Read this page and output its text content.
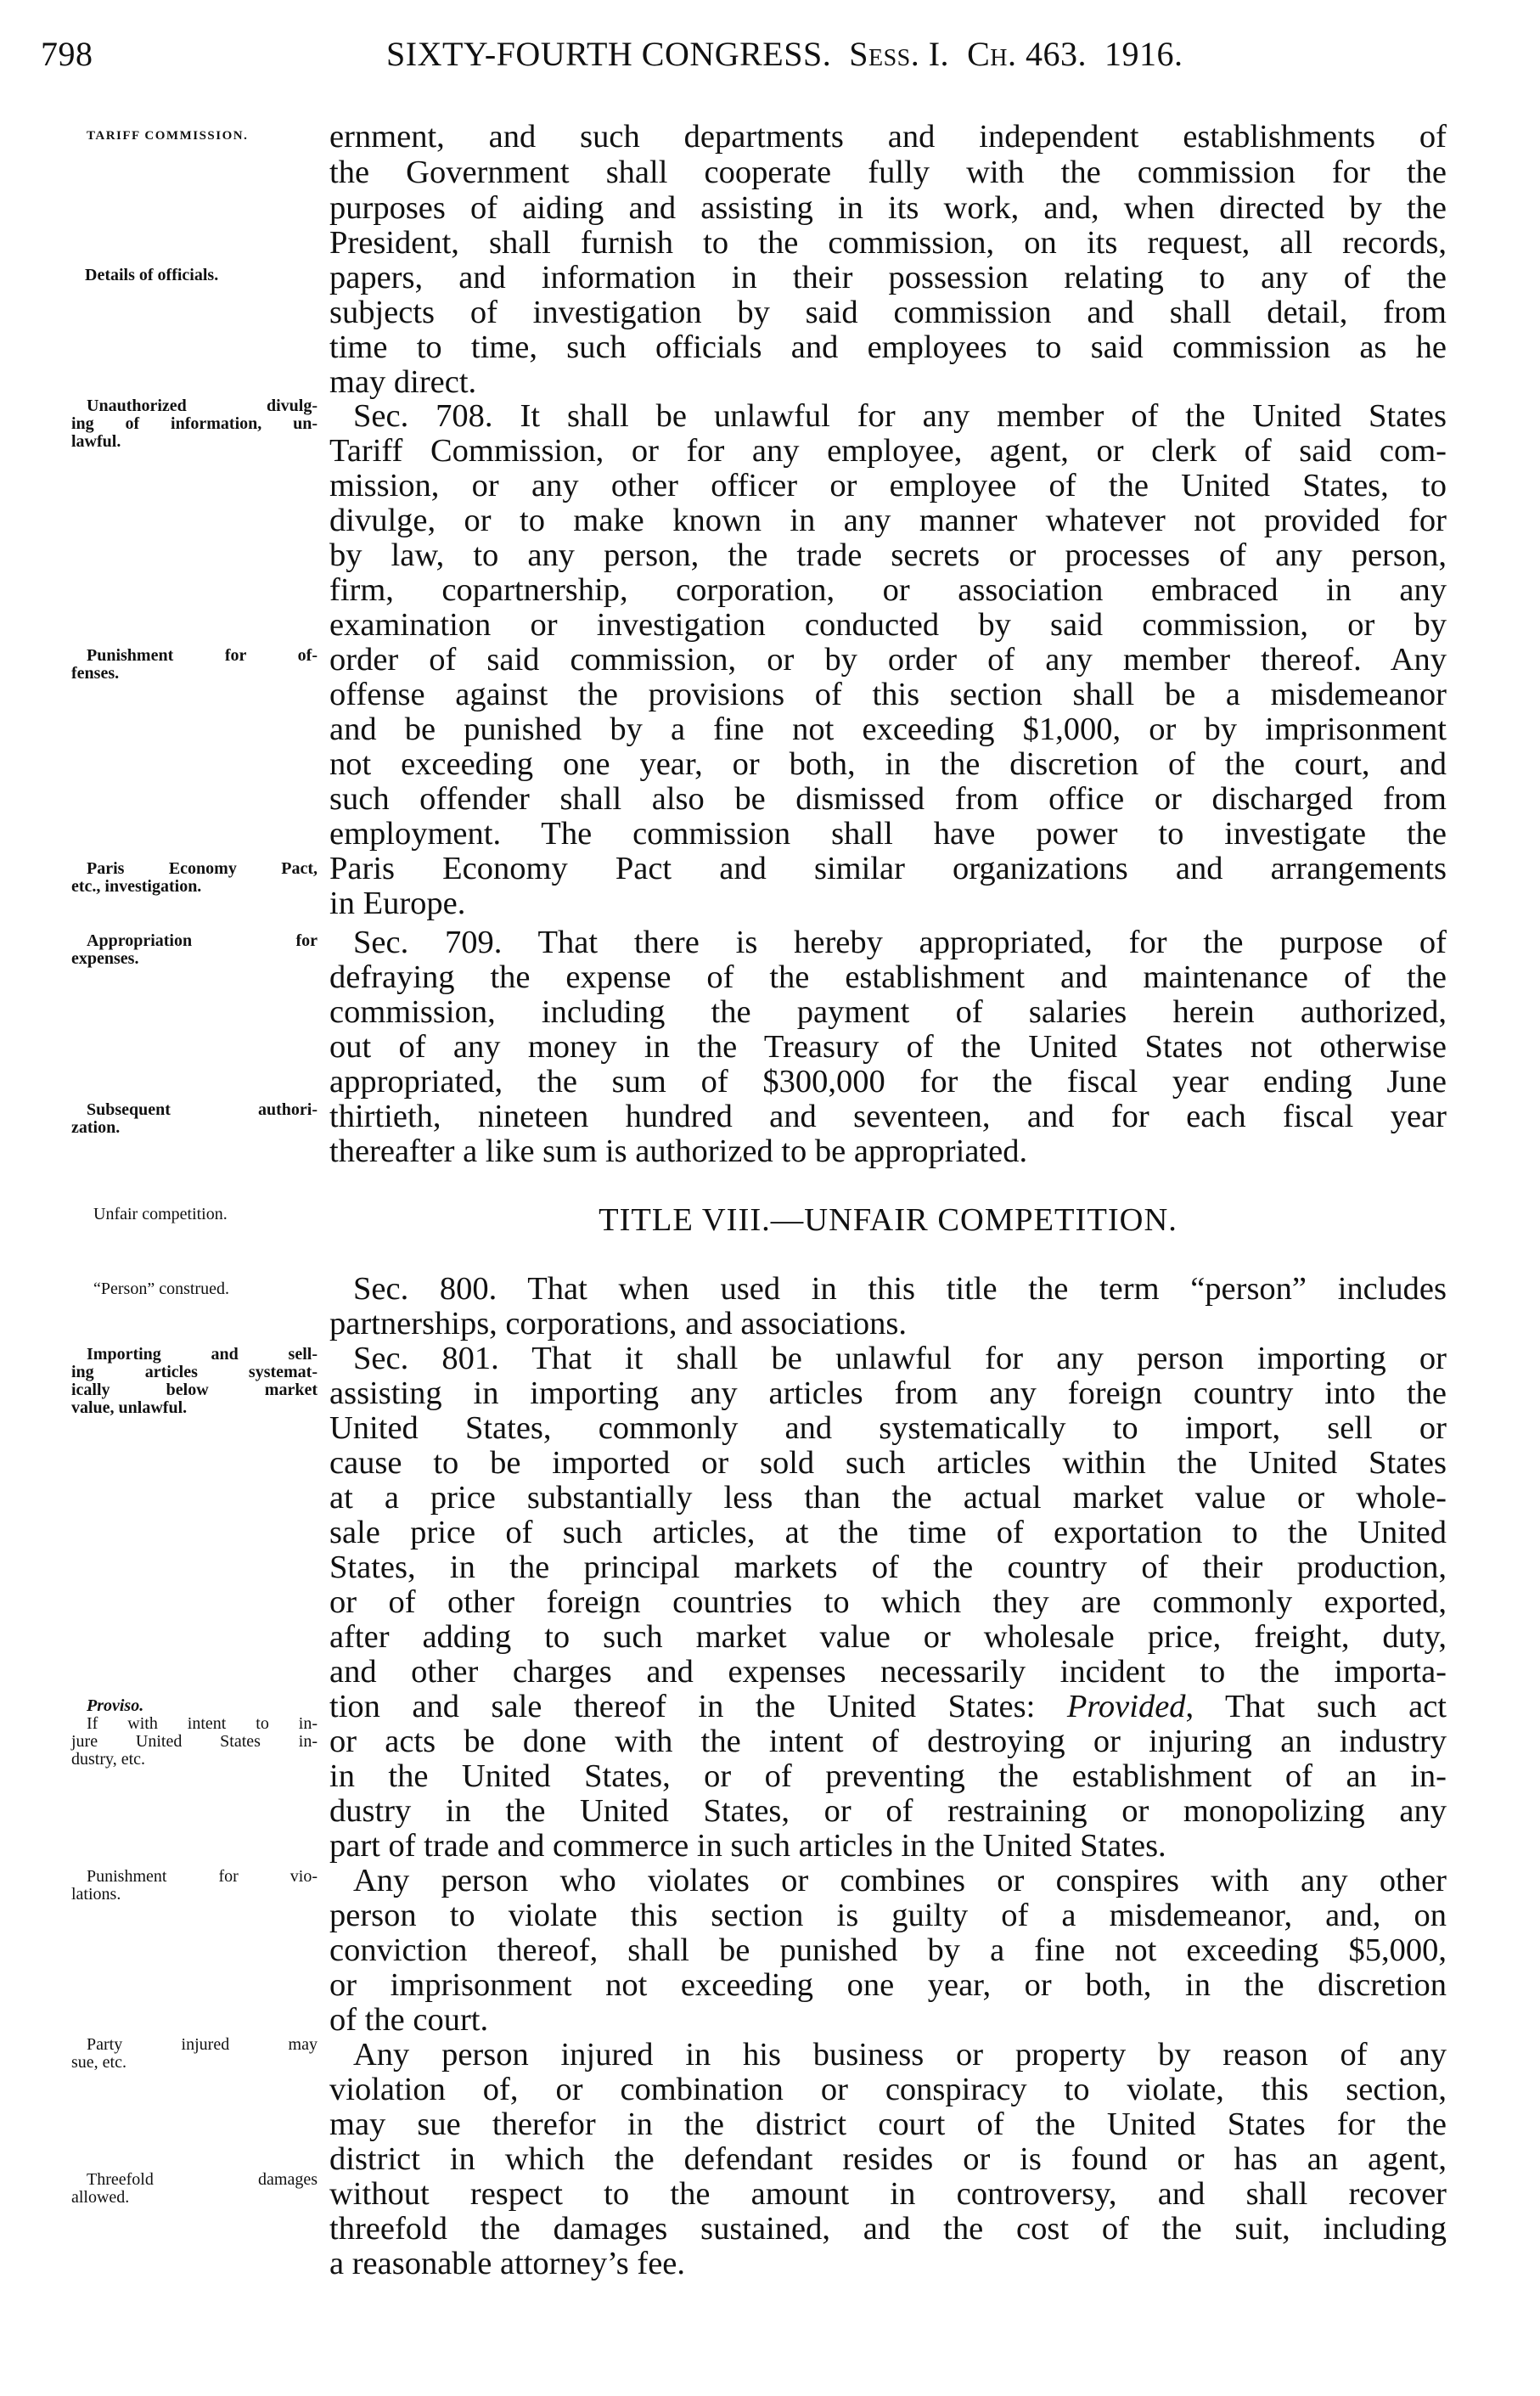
798	SIXTY-FOURTH CONGRESS. Sess. I. Ch. 463. 1916.
TARIFF COMMISSION.
Details of officials.
Unauthorized divulg-
ing of information, un-
lawful.
Punishment for of-
fenses.
Paris Economy Pact,
etc., investigation.
Appropriation for
expenses.
Subsequent authori-
zation.
Unfair competition.
“Person” construed.
Importing and sell-
ing articles systemat-
ically below market
value, unlawful.
Proviso.
If with intent to in-
jure United States in-
dustry, etc.
Punishment for vio-
lations.
Party injured may
sue, etc.
Threefold damages
allowed.
ernment, and such departments and independent establishments of
the Government shall cooperate fully with the commission for the
purposes of aiding and assisting in its work, and, when directed by the
President, shall furnish to the commission, on its request, all records,
papers, and information in their possession relating to any of the
subjects of investigation by said commission and shall detail, from
time to time, such officials and employees to said commission as he
may direct.
Sec. 708. It shall be unlawful for any member of the United States
Tariff Commission, or for any employee, agent, or clerk of said com-
mission, or any other officer or employee of the United States, to
divulge, or to make known in any manner whatever not provided for
by law, to any person, the trade secrets or processes of any person,
firm, copartnership, corporation, or association embraced in any
examination or investigation conducted by said commission, or by
order of said commission, or by order of any member thereof. Any
offense against the provisions of this section shall be a misdemeanor
and be punished by a fine not exceeding $1,000, or by imprisonment
not exceeding one year, or both, in the discretion of the court, and
such offender shall also be dismissed from office or discharged from
employment. The commission shall have power to investigate the
Paris Economy Pact and similar organizations and arrangements
in Europe.
Sec. 709. That there is hereby appropriated, for the purpose of
defraying the expense of the establishment and maintenance of the
commission, including the payment of salaries herein authorized,
out of any money in the Treasury of the United States not otherwise
appropriated, the sum of $300,000 for the fiscal year ending June
thirtieth, nineteen hundred and seventeen, and for each fiscal year
thereafter a like sum is authorized to be appropriated.
TITLE VIII.—UNFAIR COMPETITION.
Sec. 800. That when used in this title the term “person” includes
partnerships, corporations, and associations.
Sec. 801. That it shall be unlawful for any person importing or
assisting in importing any articles from any foreign country into the
United States, commonly and systematically to import, sell or
cause to be imported or sold such articles within the United States
at a price substantially less than the actual market value or whole-
sale price of such articles, at the time of exportation to the United
States, in the principal markets of the country of their production,
or of other foreign countries to which they are commonly exported,
after adding to such market value or wholesale price, freight, duty,
and other charges and expenses necessarily incident to the importa-
tion and sale thereof in the United States: Provided, That such act
or acts be done with the intent of destroying or injuring an industry
in the United States, or of preventing the establishment of an in-
dustry in the United States, or of restraining or monopolizing any
part of trade and commerce in such articles in the United States.
Any person who violates or combines or conspires with any other
person to violate this section is guilty of a misdemeanor, and, on
conviction thereof, shall be punished by a fine not exceeding $5,000,
or imprisonment not exceeding one year, or both, in the discretion
of the court.
Any person injured in his business or property by reason of any
violation of, or combination or conspiracy to violate, this section,
may sue therefor in the district court of the United States for the
district in which the defendant resides or is found or has an agent,
without respect to the amount in controversy, and shall recover
threefold the damages sustained, and the cost of the suit, including
a reasonable attorney’s fee.
